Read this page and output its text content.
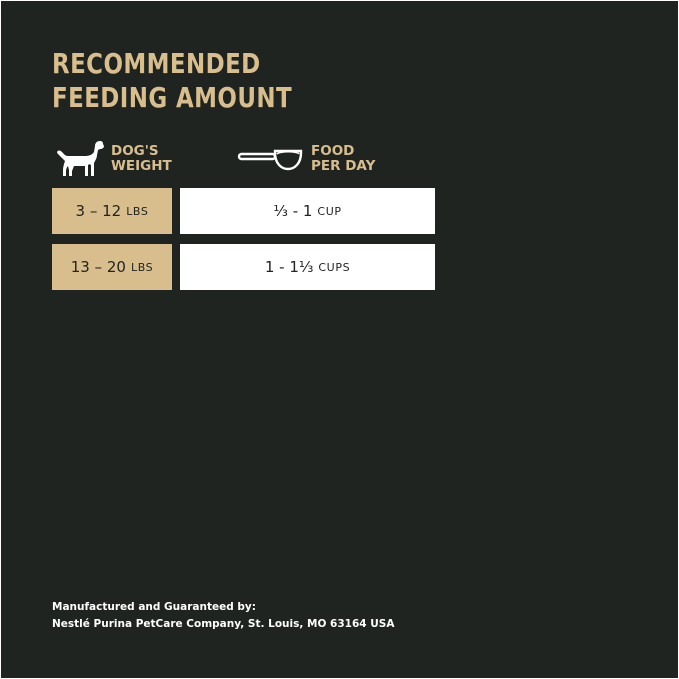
RECOMMENDED
FEEDING AMOUNT
DOG'S
WEIGHT
FOOD
PER DAY
3 – 12 LBS	⅓ - 1 CUP
13 – 20 LBS	1 - 1⅓ CUPS
Manufactured and Guaranteed by:
Nestlé Purina PetCare Company, St. Louis, MO 63164 USA
